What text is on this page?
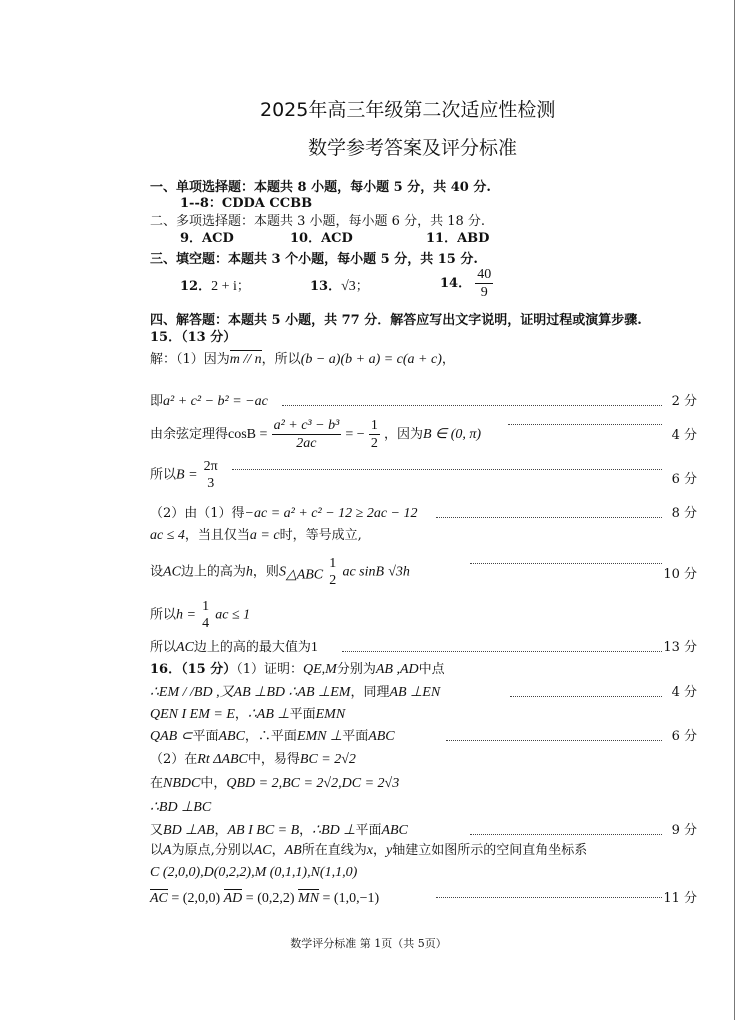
2025年高三年级第二次适应性检测
数学参考答案及评分标准
一、单项选择题：本题共 8 小题，每小题 5 分，共 40 分.
1--8：CDDA CCBB
二、多项选择题：本题共 3 小题，每小题 6 分，共 18 分.
9．ACD	10．ACD	11．ABD
三、填空题：本题共 3 个小题，每小题 5 分，共 15 分.
12．2 + i；	13．√3；	14． $\frac{40}{9}$
四、解答题：本题共 5 小题，共 77 分．解答应写出文字说明，证明过程或演算步骤.
15．（13 分）
解：（1）因为m // n，所以(b − a)(b + a) = c(a + c)，
即a² + c² − b² = −ac	2 分
由余弦定理得$\cos B = \frac{\text{a² + c³ − b³}}{2ac}$ = − $\frac{1}{2}$ ，因为B ∈ (0, π)	4 分
所以B =
2π
3	6 分
（2）由（1）得−ac = a² + c² − 12 ≥ 2ac − 12	8 分
ac ≤ 4，当且仅当a = c时，等号成立,
设AC边上的高为h，则$S_{\triangle ABC}$
1
2
ac sinB √3h	10 分
所以h =
1
4
ac ≤ 1
所以AC边上的高的最大值为1	13 分
16．（15 分）（1）证明：QE,M分别为AB ,AD中点
∴EM / /BD ,又AB ⊥BD ∴AB ⊥EM，同理AB ⊥EN	4 分
QEN I EM = E，∴AB ⊥平面EMN
QAB ⊂平面ABC，∴平面EMN ⊥平面ABC	6 分
（2）在Rt ΔABC中，易得BC = 2√2
在NBDC中，QBD = 2,BC = 2√2,DC = 2√3
∴BD ⊥BC
又BD ⊥AB，AB I BC = B，∴BD ⊥平面ABC	9 分
以A为原点,分别以AC，AB所在直线为x，y轴建立如图所示的空间直角坐标系
C (2,0,0),D(0,2,2),M (0,1,1),N(1,1,0)
AC = (2,0,0) AD = (0,2,2) MN = (1,0,−1)	11 分
数学评分标准 第 1页（共 5页）
